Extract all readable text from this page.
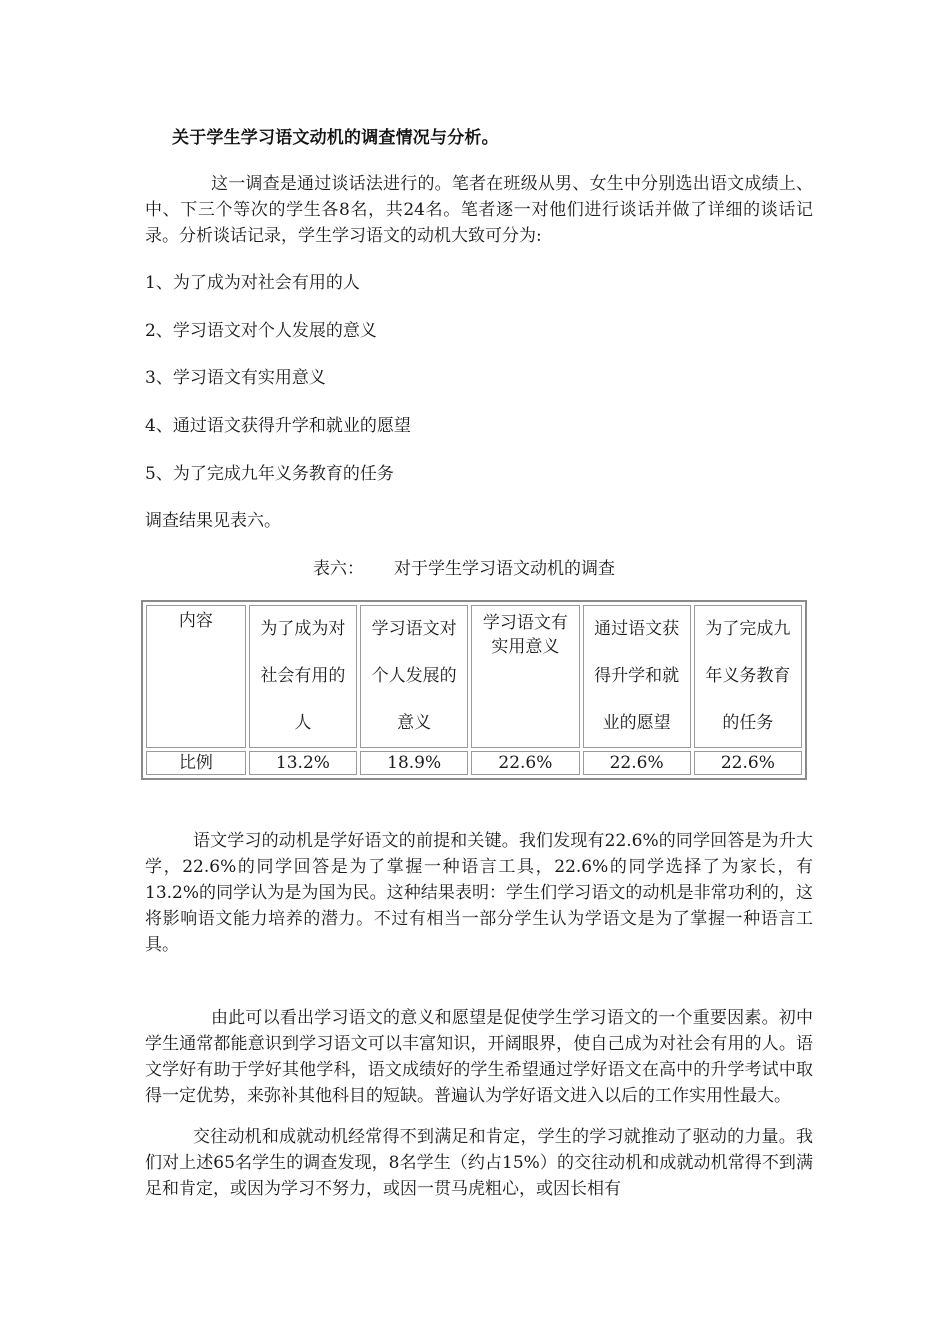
关于学生学习语文动机的调查情况与分析。

这一调查是通过谈话法进行的。笔者在班级从男、女生中分别选出语文成绩上、中、下三个等次的学生各8名，共24名。笔者逐一对他们进行谈话并做了详细的谈话记录。分析谈话记录，学生学习语文的动机大致可分为:

1、为了成为对社会有用的人

2、学习语文对个人发展的意义

3、学习语文有实用意义

4、通过语文获得升学和就业的愿望

5、为了完成九年义务教育的任务

调查结果见表六。

表六： 对于学生学习语文动机的调查
内容	为了成为对社会有用的人	学习语文对个人发展的意义	学习语文有实用意义	通过语文获得升学和就业的愿望	为了完成九年义务教育的任务

比例	13.2%	18.9%	22.6%	22.6%	22.6%

语文学习的动机是学好语文的前提和关键。我们发现有22.6%的同学回答是为升大学，22.6%的同学回答是为了掌握一种语言工具，22.6%的同学选择了为家长，有13.2%的同学认为是为国为民。这种结果表明：学生们学习语文的动机是非常功利的，这将影响语文能力培养的潜力。不过有相当一部分学生认为学语文是为了掌握一种语言工具。

由此可以看出学习语文的意义和愿望是促使学生学习语文的一个重要因素。初中学生通常都能意识到学习语文可以丰富知识，开阔眼界，使自己成为对社会有用的人。语文学好有助于学好其他学科，语文成绩好的学生希望通过学好语文在高中的升学考试中取得一定优势，来弥补其他科目的短缺。普遍认为学好语文进入以后的工作实用性最大。

交往动机和成就动机经常得不到满足和肯定，学生的学习就推动了驱动的力量。我们对上述65名学生的调查发现，8名学生（约占15%）的交往动机和成就动机常得不到满足和肯定，或因为学习不努力，或因一贯马虎粗心，或因长相有
